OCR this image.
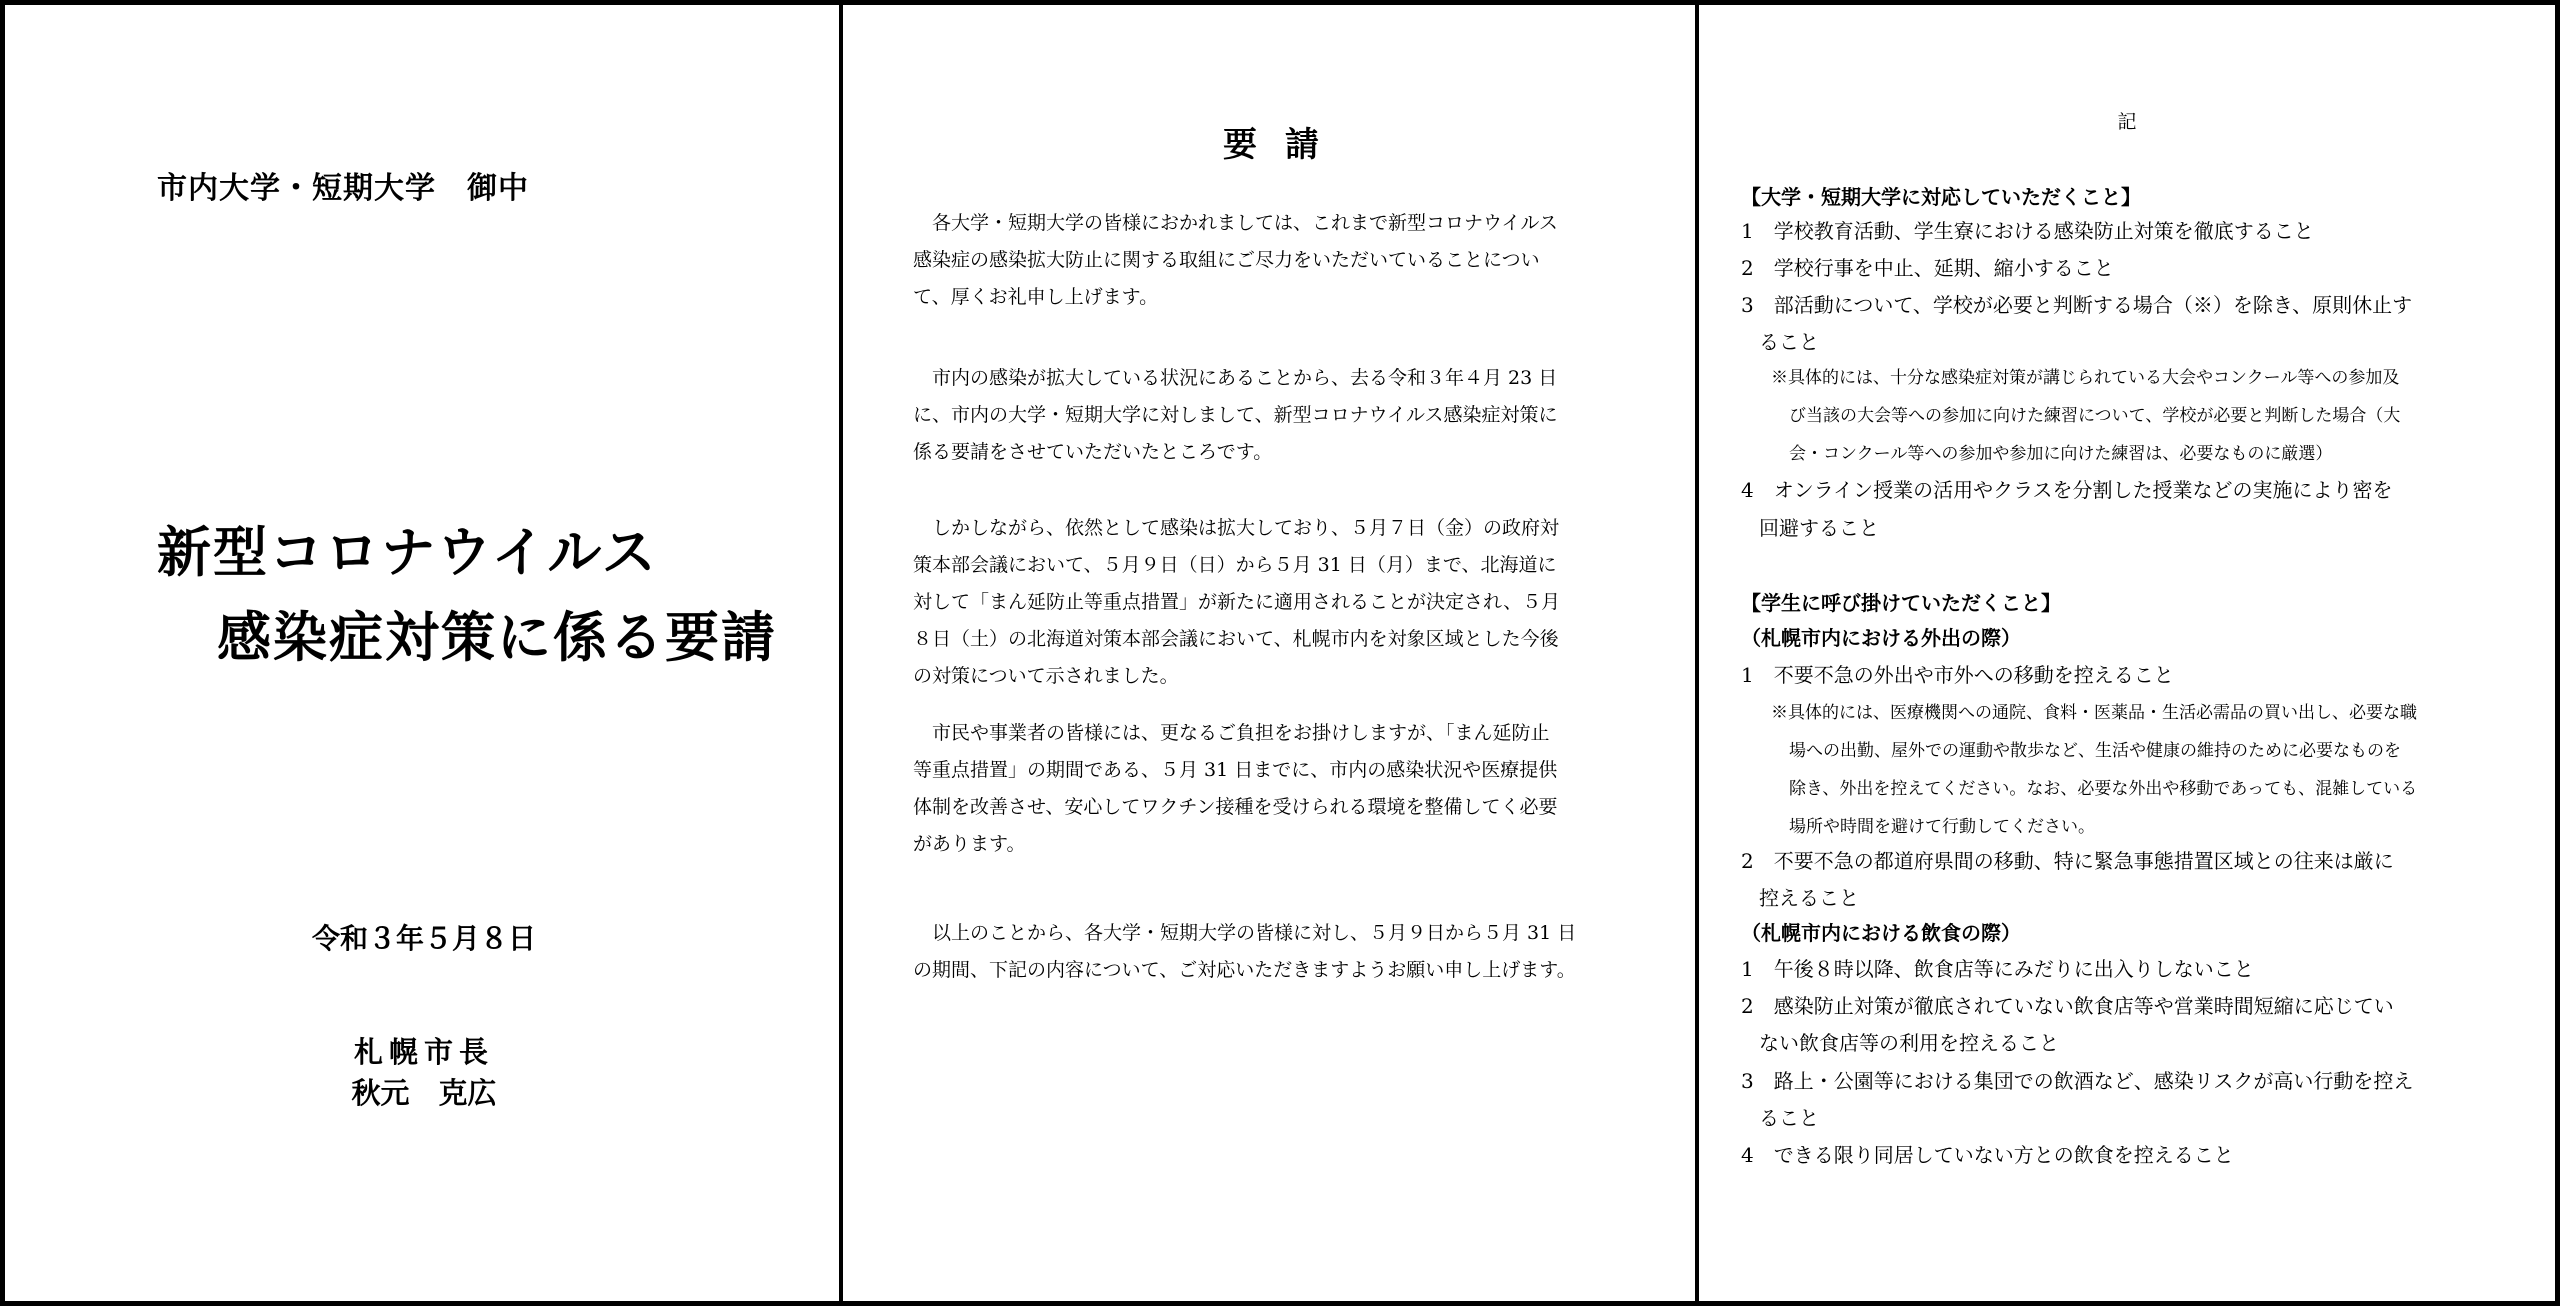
市内大学・短期大学　御中
新型コロナウイルス
感染症対策に係る要請
令和３年５月８日
札幌市長
秋元　克広
要請
各大学・短期大学の皆様におかれましては、これまで新型コロナウイルス
感染症の感染拡大防止に関する取組にご尽力をいただいていることについ
て、厚くお礼申し上げます。
市内の感染が拡大している状況にあることから、去る令和３年４月 23 日
に、市内の大学・短期大学に対しまして、新型コロナウイルス感染症対策に
係る要請をさせていただいたところです。
しかしながら、依然として感染は拡大しており、５月７日（金）の政府対
策本部会議において、５月９日（日）から５月 31 日（月）まで、北海道に
対して「まん延防止等重点措置」が新たに適用されることが決定され、５月
８日（土）の北海道対策本部会議において、札幌市内を対象区域とした今後
の対策について示されました。
市民や事業者の皆様には、更なるご負担をお掛けしますが、「まん延防止
等重点措置」の期間である、５月 31 日までに、市内の感染状況や医療提供
体制を改善させ、安心してワクチン接種を受けられる環境を整備してく必要
があります。
以上のことから、各大学・短期大学の皆様に対し、５月９日から５月 31 日
の期間、下記の内容について、ご対応いただきますようお願い申し上げます。
記
【大学・短期大学に対応していただくこと】
1　学校教育活動、学生寮における感染防止対策を徹底すること
2　学校行事を中止、延期、縮小すること
3　部活動について、学校が必要と判断する場合（※）を除き、原則休止す
ること
※具体的には、十分な感染症対策が講じられている大会やコンクール等への参加及
び当該の大会等への参加に向けた練習について、学校が必要と判断した場合（大
会・コンクール等への参加や参加に向けた練習は、必要なものに厳選）
4　オンライン授業の活用やクラスを分割した授業などの実施により密を
回避すること
【学生に呼び掛けていただくこと】
（札幌市内における外出の際）
1　不要不急の外出や市外への移動を控えること
※具体的には、医療機関への通院、食料・医薬品・生活必需品の買い出し、必要な職
場への出勤、屋外での運動や散歩など、生活や健康の維持のために必要なものを
除き、外出を控えてください。なお、必要な外出や移動であっても、混雑している
場所や時間を避けて行動してください。
2　不要不急の都道府県間の移動、特に緊急事態措置区域との往来は厳に
控えること
（札幌市内における飲食の際）
1　午後８時以降、飲食店等にみだりに出入りしないこと
2　感染防止対策が徹底されていない飲食店等や営業時間短縮に応じてい
ない飲食店等の利用を控えること
3　路上・公園等における集団での飲酒など、感染リスクが高い行動を控え
ること
4　できる限り同居していない方との飲食を控えること
